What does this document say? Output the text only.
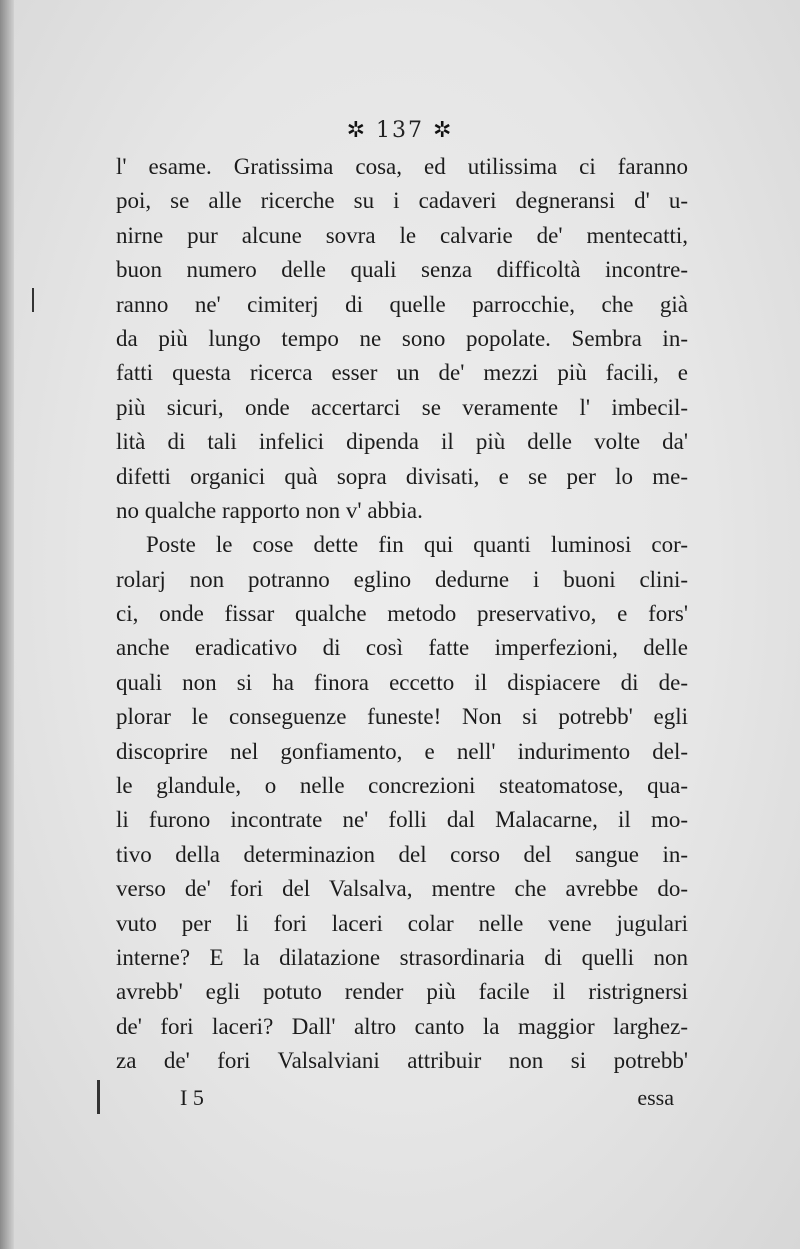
✲ 137 ✲
l' esame. Gratissima cosa, ed utilissima ci faranno
poi, se alle ricerche su i cadaveri degneransi d' u-
nirne pur alcune sovra le calvarie de' mentecatti,
buon numero delle quali senza difficoltà incontre-
ranno ne' cimiterj di quelle parrocchie, che già
da più lungo tempo ne sono popolate. Sembra in-
fatti questa ricerca esser un de' mezzi più facili, e
più sicuri, onde accertarci se veramente l' imbecil-
lità di tali infelici dipenda il più delle volte da'
difetti organici quà sopra divisati, e se per lo me-
no qualche rapporto non v' abbia.
Poste le cose dette fin qui quanti luminosi cor-
rolarj non potranno eglino dedurne i buoni clini-
ci, onde fissar qualche metodo preservativo, e fors'
anche eradicativo di così fatte imperfezioni, delle
quali non si ha finora eccetto il dispiacere di de-
plorar le conseguenze funeste! Non si potrebb' egli
discoprire nel gonfiamento, e nell' indurimento del-
le glandule, o nelle concrezioni steatomatose, qua-
li furono incontrate ne' folli dal Malacarne, il mo-
tivo della determinazion del corso del sangue in-
verso de' fori del Valsalva, mentre che avrebbe do-
vuto per li fori laceri colar nelle vene jugulari
interne? E la dilatazione strasordinaria di quelli non
avrebb' egli potuto render più facile il ristrignersi
de' fori laceri? Dall' altro canto la maggior larghez-
za de' fori Valsalviani attribuir non si potrebb'
I 5	essa
